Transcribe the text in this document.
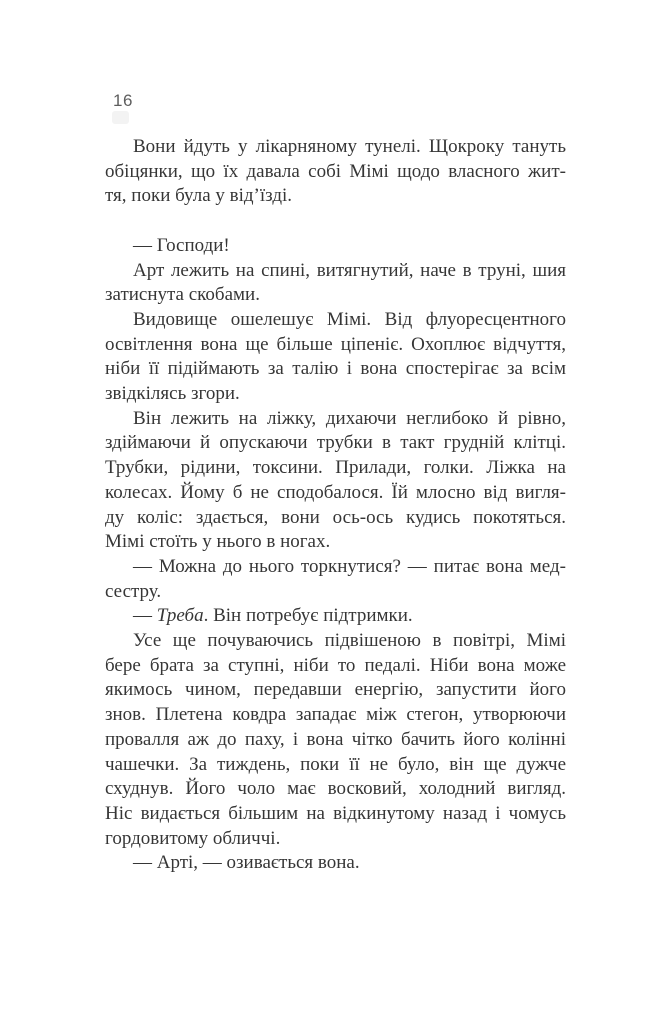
16

Вони йдуть у лікарняному тунелі. Щокроку тануть
обіцянки, що їх давала собі Мімі щодо власного жит-
тя, поки була у від’їзді.

— Господи!

Арт лежить на спині, витягнутий, наче в труні, шия
затиснута скобами.

Видовище ошелешує Мімі. Від флуоресцентного
освітлення вона ще більше ціпеніє. Охоплює відчуття,
ніби її підіймають за талію і вона спостерігає за всім
звідкілясь згори.

Він лежить на ліжку, дихаючи неглибоко й рівно,
здіймаючи й опускаючи трубки в такт грудній клітці.
Трубки, рідини, токсини. Прилади, голки. Ліжка на
колесах. Йому б не сподобалося. Їй млосно від вигля-
ду коліс: здається, вони ось-ось кудись покотяться.
Мімі стоїть у нього в ногах.

— Можна до нього торкнутися? — питає вона мед-
сестру.

— Треба. Він потребує підтримки.

Усе ще почуваючись підвішеною в повітрі, Мімі
бере брата за ступні, ніби то педалі. Ніби вона може
якимось чином, передавши енергію, запустити його
знов. Плетена ковдра западає між стегон, утворюючи
провалля аж до паху, і вона чітко бачить його колінні
чашечки. За тиждень, поки її не було, він ще дужче
схуднув. Його чоло має восковий, холодний вигляд.
Ніс видається більшим на відкинутому назад і чомусь
гордовитому обличчі.

— Арті, — озивається вона.
